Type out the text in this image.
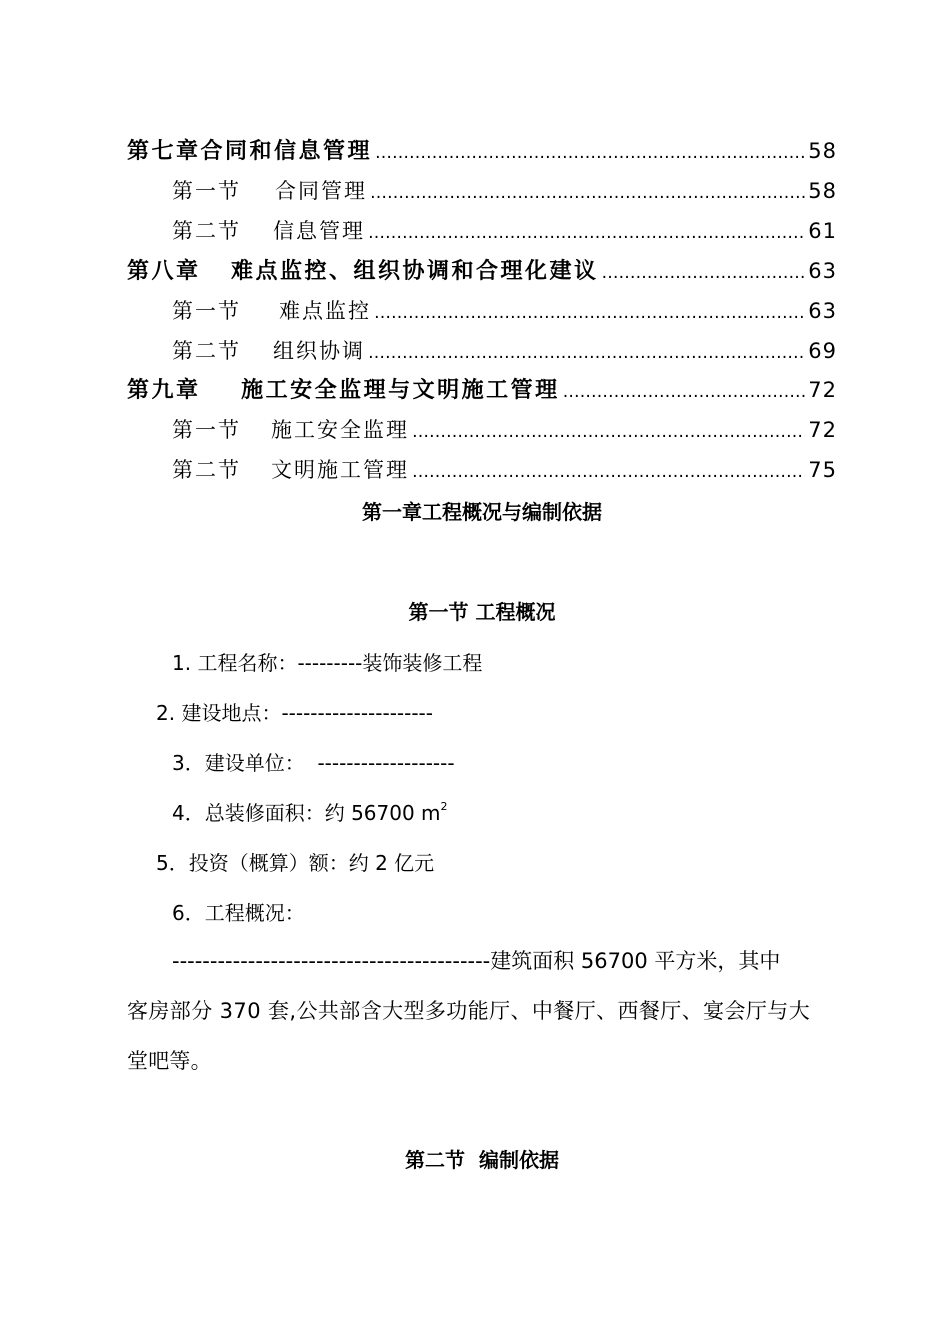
第七章合同和信息管理 ……………………………………………………………………………………………………………	58
第一节 合同管理 ……………………………………………………………………………………………………………	58
第二节 信息管理 ……………………………………………………………………………………………………………	61
第八章   难点监控、组织协调和合理化建议 ……………………………………………………………………………………………………………	63
第一节 难点监控 ……………………………………………………………………………………………………………	63
第二节 组织协调 ……………………………………………………………………………………………………………	69
第九章    施工安全监理与文明施工管理 ……………………………………………………………………………………………………………	72
第一节 施工安全监理 ……………………………………………………………………………………………………………	72
第二节 文明施工管理 ……………………………………………………………………………………………………………	75
第一章工程概况与编制依据
第一节 工程概况
1. 工程名称：---------装饰装修工程
2. 建设地点：---------------------
3．建设单位：  -------------------
4．总装修面积：约 56700 $m^2$
5．投资（概算）额：约 2 亿元
6．工程概况：
------------------------------------------建筑面积 56700 平方米，其中
客房部分 370 套,公共部含大型多功能厅、中餐厅、西餐厅、宴会厅与大
堂吧等。
第二节  编制依据
